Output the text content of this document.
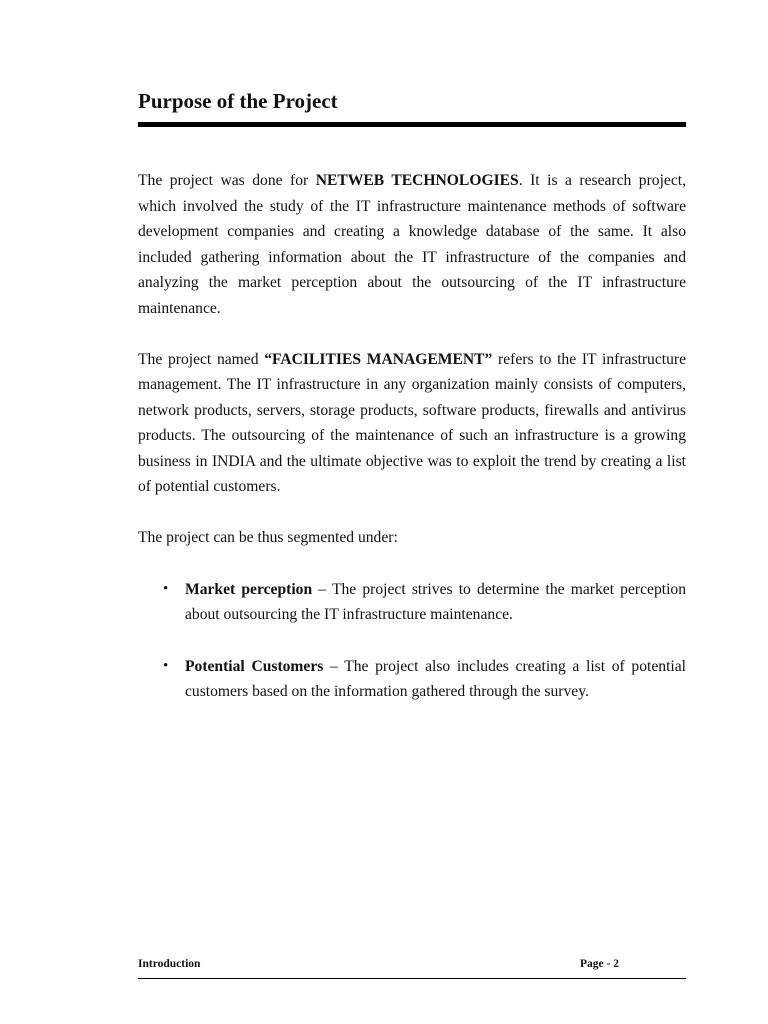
Purpose of the Project

The project was done for NETWEB TECHNOLOGIES. It is a research project, which involved the study of the IT infrastructure maintenance methods of software development companies and creating a knowledge database of the same. It also included gathering information about the IT infrastructure of the companies and analyzing the market perception about the outsourcing of the IT infrastructure maintenance.

The project named “FACILITIES MANAGEMENT” refers to the IT infrastructure management. The IT infrastructure in any organization mainly consists of computers, network products, servers, storage products, software products, firewalls and antivirus products. The outsourcing of the maintenance of such an infrastructure is a growing business in INDIA and the ultimate objective was to exploit the trend by creating a list of potential customers.

The project can be thus segmented under:

• Market perception – The project strives to determine the market perception about outsourcing the IT infrastructure maintenance.
• Potential Customers – The project also includes creating a list of potential customers based on the information gathered through the survey.
Introduction	Page - 2
